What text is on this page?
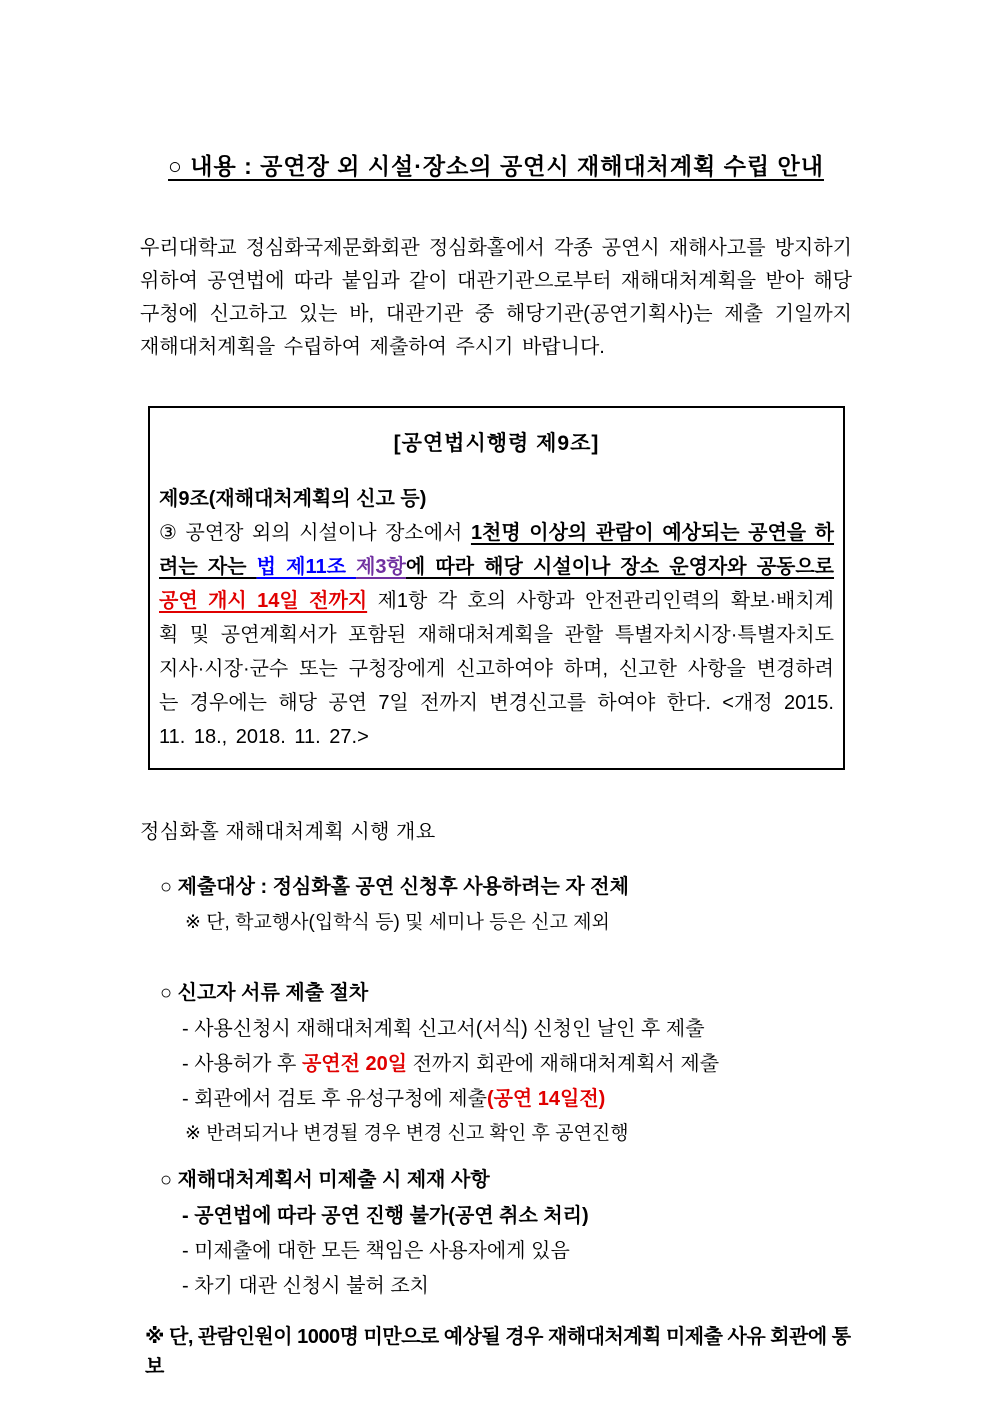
○ 내용 : 공연장 외 시설·장소의 공연시 재해대처계획 수립 안내

우리대학교 정심화국제문화회관 정심화홀에서 각종 공연시 재해사고를 방지하기 위하여 공연법에 따라 붙임과 같이 대관기관으로부터 재해대처계획을 받아 해당 구청에 신고하고 있는 바, 대관기관 중 해당기관(공연기획사)는 제출 기일까지 재해대처계획을 수립하여 제출하여 주시기 바랍니다.

[공연법시행령 제9조]
제9조(재해대처계획의 신고 등)

③ 공연장 외의 시설이나 장소에서 1천명 이상의 관람이 예상되는 공연을 하려는 자는 법 제11조 제3항에 따라 해당 시설이나 장소 운영자와 공동으로 공연 개시 14일 전까지 제1항 각 호의 사항과 안전관리인력의 확보·배치계획 및 공연계획서가 포함된 재해대처계획을 관할 특별자치시장·특별자치도지사·시장·군수 또는 구청장에게 신고하여야 하며, 신고한 사항을 변경하려는 경우에는 해당 공연 7일 전까지 변경신고를 하여야 한다. <개정 2015. 11. 18., 2018. 11. 27.>

정심화홀 재해대처계획 시행 개요
○ 제출대상 : 정심화홀 공연 신청후 사용하려는 자 전체
※ 단, 학교행사(입학식 등) 및 세미나 등은 신고 제외
○ 신고자 서류 제출 절차
- 사용신청시 재해대처계획 신고서(서식) 신청인 날인 후 제출
- 사용허가 후 공연전 20일 전까지 회관에 재해대처계획서 제출
- 회관에서 검토 후 유성구청에 제출(공연 14일전)
※ 반려되거나 변경될 경우 변경 신고 확인 후 공연진행
○ 재해대처계획서 미제출 시 제재 사항
- 공연법에 따라 공연 진행 불가(공연 취소 처리)
- 미제출에 대한 모든 책임은 사용자에게 있음
- 차기 대관 신청시 불허 조치
※ 단, 관람인원이 1000명 미만으로 예상될 경우 재해대처계획 미제출 사유 회관에 통보
